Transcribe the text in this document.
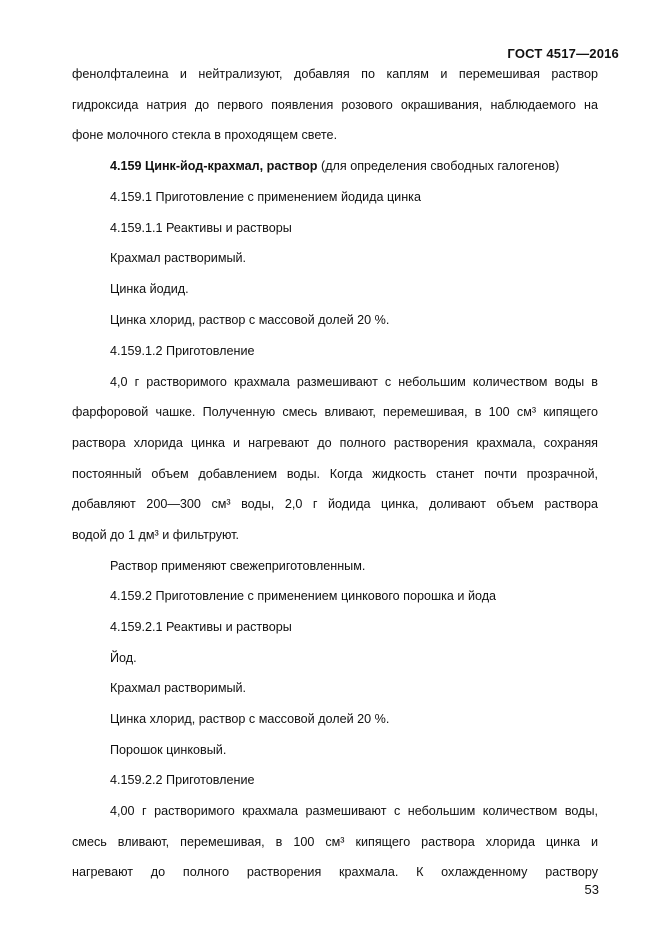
ГОСТ 4517—2016
фенолфталеина и нейтрализуют, добавляя по каплям и перемешивая раствор
гидроксида натрия до первого появления розового окрашивания, наблюдаемого на
фоне молочного стекла в проходящем свете.
4.159 Цинк-йод-крахмал, раствор (для определения свободных галогенов)
4.159.1 Приготовление с применением йодида цинка
4.159.1.1 Реактивы и растворы
Крахмал растворимый.
Цинка йодид.
Цинка хлорид, раствор с массовой долей 20 %.
4.159.1.2 Приготовление
4,0 г растворимого крахмала размешивают с небольшим количеством воды в
фарфоровой чашке. Полученную смесь вливают, перемешивая, в 100 см³ кипящего
раствора хлорида цинка и нагревают до полного растворения крахмала, сохраняя
постоянный объем добавлением воды. Когда жидкость станет почти прозрачной,
добавляют 200—300 см³ воды, 2,0 г йодида цинка, доливают объем раствора
водой до 1 дм³ и фильтруют.
Раствор применяют свежеприготовленным.
4.159.2 Приготовление с применением цинкового порошка и йода
4.159.2.1 Реактивы и растворы
Йод.
Крахмал растворимый.
Цинка хлорид, раствор с массовой долей 20 %.
Порошок цинковый.
4.159.2.2 Приготовление
4,00 г растворимого крахмала размешивают с небольшим количеством воды,
смесь вливают, перемешивая, в 100 см³ кипящего раствора хлорида цинка и
нагревают до полного растворения крахмала. К охлажденному раствору
53
